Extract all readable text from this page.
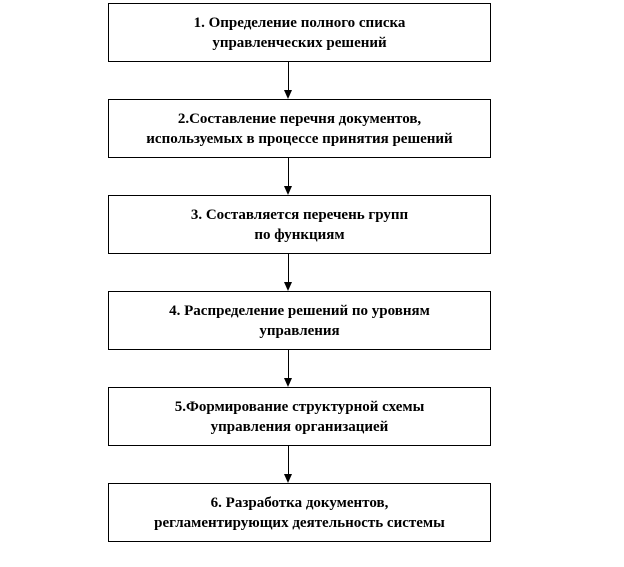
1. Определение полного списка
управленческих решений
2.Составление перечня документов,
используемых в процессе принятия решений
3. Составляется перечень групп
по функциям
4. Распределение решений по уровням
управления
5.Формирование структурной схемы
управления организацией
6. Разработка документов,
регламентирующих деятельность системы
